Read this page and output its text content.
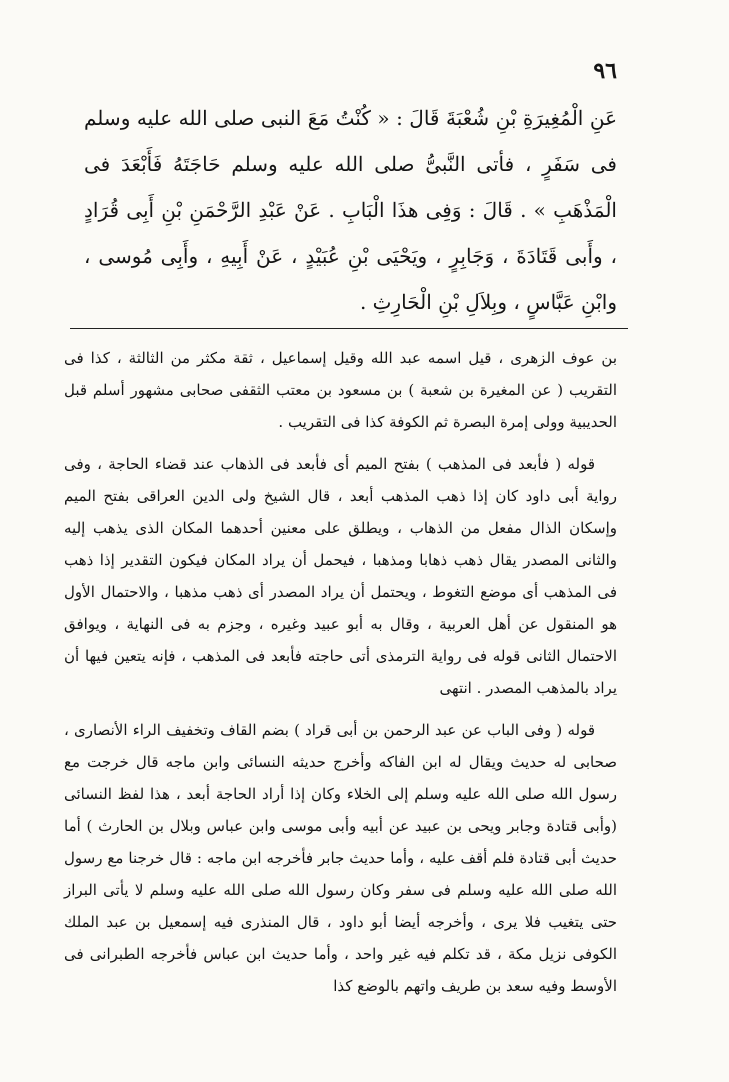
٩٦

عَنِ الْمُغِيرَةِ بْنِ شُعْبَةَ قَالَ : « كُنْتُ مَعَ النبى صلى الله عليه وسلم فى سَفَرٍ ، فأتى النَّبىُّ صلى الله عليه وسلم حَاجَتَهُ فَأَبْعَدَ فى الْمَذْهَبِ » . قَالَ : وَفِى هذَا الْبَابِ . عَنْ عَبْدِ الرَّحْمَنِ بْنِ أَبِى قُرَادٍ ، وأَبى قَتَادَةَ ، وَجَابِرٍ ، ويَحْيَى بْنِ عُبَيْدٍ ، عَنْ أَبِيهِ ، وأَبِى مُوسى ، وابْنِ عَبَّاسٍ ، وبِلاَلِ بْنِ الْحَارِثِ .

بن عوف الزهرى ، قيل اسمه عبد الله وقيل إسماعيل ، ثقة مكثر من الثالثة ، كذا فى التقريب ( عن المغيرة بن شعبة ) بن مسعود بن معتب الثقفى صحابى مشهور أسلم قبل الحديبية وولى إمرة البصرة ثم الكوفة كذا فى التقريب .

قوله ( فأبعد فى المذهب ) بفتح الميم أى فأبعد فى الذهاب عند قضاء الحاجة ، وفى رواية أبى داود كان إذا ذهب المذهب أبعد ، قال الشيخ ولى الدين العراقى بفتح الميم وإسكان الذال مفعل من الذهاب ، ويطلق على معنين أحدهما المكان الذى يذهب إليه والثانى المصدر يقال ذهب ذهابا ومذهبا ، فيحمل أن يراد المكان فيكون التقدير إذا ذهب فى المذهب أى موضع التغوط ، ويحتمل أن يراد المصدر أى ذهب مذهبا ، والاحتمال الأول هو المنقول عن أهل العربية ، وقال به أبو عبيد وغيره ، وجزم به فى النهاية ، ويوافق الاحتمال الثانى قوله فى رواية الترمذى أتى حاجته فأبعد فى المذهب ، فإنه يتعين فيها أن يراد بالمذهب المصدر . انتهى

قوله ( وفى الباب عن عبد الرحمن بن أبى قراد ) بضم القاف وتخفيف الراء الأنصارى ، صحابى له حديث ويقال له ابن الفاكه وأخرج حديثه النسائى وابن ماجه قال خرجت مع رسول الله صلى الله عليه وسلم إلى الخلاء وكان إذا أراد الحاجة أبعد ، هذا لفظ النسائى (وأبى قتادة وجابر ويحى بن عبيد عن أبيه وأبى موسى وابن عباس وبلال بن الحارث ) أما حديث أبى قتادة فلم أقف عليه ، وأما حديث جابر فأخرجه ابن ماجه : قال خرجنا مع رسول الله صلى الله عليه وسلم فى سفر وكان رسول الله صلى الله عليه وسلم لا يأتى البراز حتى يتغيب فلا يرى ، وأخرجه أيضا أبو داود ، قال المنذرى فيه إسمعيل بن عبد الملك الكوفى نزيل مكة ، قد تكلم فيه غير واحد ، وأما حديث ابن عباس فأخرجه الطبرانى فى الأوسط وفيه سعد بن طريف واتهم بالوضع كذا
